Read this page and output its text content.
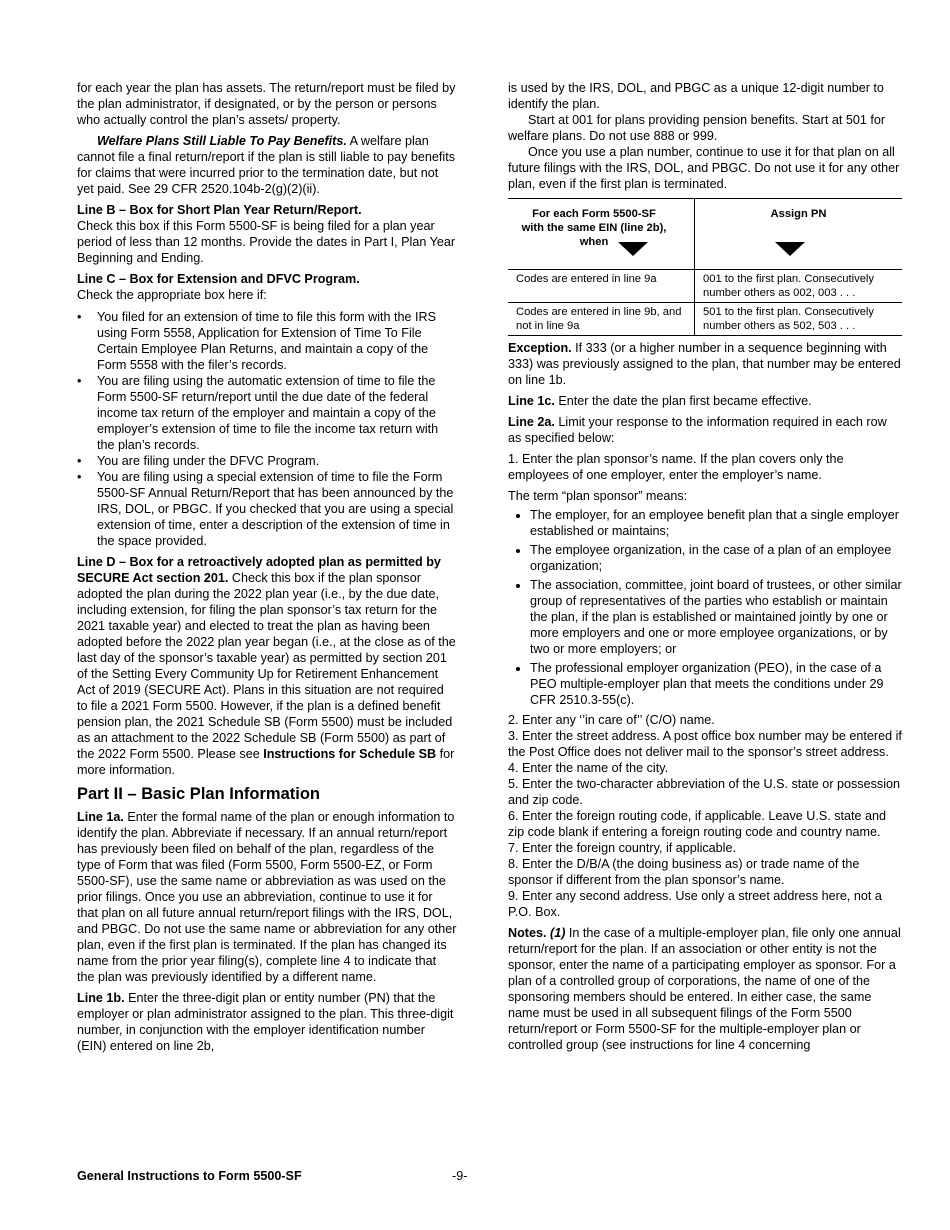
for each year the plan has assets. The return/report must be filed by the plan administrator, if designated, or by the person or persons who actually control the plan’s assets/ property.

Welfare Plans Still Liable To Pay Benefits. A welfare plan cannot file a final return/report if the plan is still liable to pay benefits for claims that were incurred prior to the termination date, but not yet paid. See 29 CFR 2520.104b-2(g)(2)(ii).

Line B – Box for Short Plan Year Return/Report.
Check this box if this Form 5500-SF is being filed for a plan year period of less than 12 months. Provide the dates in Part I, Plan Year Beginning and Ending.

Line C – Box for Extension and DFVC Program.
Check the appropriate box here if:

•	You filed for an extension of time to file this form with the IRS using Form 5558, Application for Extension of Time To File Certain Employee Plan Returns, and maintain a copy of the Form 5558 with the filer’s records.
•	You are filing using the automatic extension of time to file the Form 5500-SF return/report until the due date of the federal income tax return of the employer and maintain a copy of the employer’s extension of time to file the income tax return with the plan’s records.
•	You are filing under the DFVC Program.
•	You are filing using a special extension of time to file the Form 5500-SF Annual Return/Report that has been announced by the IRS, DOL, or PBGC. If you checked that you are using a special extension of time, enter a description of the extension of time in the space provided.

Line D – Box for a retroactively adopted plan as permitted by SECURE Act section 201. Check this box if the plan sponsor adopted the plan during the 2022 plan year (i.e., by the due date, including extension, for filing the plan sponsor’s tax return for the 2021 taxable year) and elected to treat the plan as having been adopted before the 2022 plan year began (i.e., at the close as of the last day of the sponsor’s taxable year) as permitted by section 201 of the Setting Every Community Up for Retirement Enhancement Act of 2019 (SECURE Act). Plans in this situation are not required to file a 2021 Form 5500. However, if the plan is a defined benefit pension plan, the 2021 Schedule SB (Form 5500) must be included as an attachment to the 2022 Schedule SB (Form 5500) as part of the 2022 Form 5500. Please see Instructions for Schedule SB for more information.

Part II – Basic Plan Information

Line 1a. Enter the formal name of the plan or enough information to identify the plan. Abbreviate if necessary. If an annual return/report has previously been filed on behalf of the plan, regardless of the type of Form that was filed (Form 5500, Form 5500-EZ, or Form 5500-SF), use the same name or abbreviation as was used on the prior filings. Once you use an abbreviation, continue to use it for that plan on all future annual return/report filings with the IRS, DOL, and PBGC. Do not use the same name or abbreviation for any other plan, even if the first plan is terminated. If the plan has changed its name from the prior year filing(s), complete line 4 to indicate that the plan was previously identified by a different name.

Line 1b. Enter the three-digit plan or entity number (PN) that the employer or plan administrator assigned to the plan. This three-digit number, in conjunction with the employer identification number (EIN) entered on line 2b,

is used by the IRS, DOL, and PBGC as a unique 12-digit number to identify the plan.

Start at 001 for plans providing pension benefits. Start at 501 for welfare plans. Do not use 888 or 999.

Once you use a plan number, continue to use it for that plan on all future filings with the IRS, DOL, and PBGC. Do not use it for any other plan, even if the first plan is terminated.

For each Form 5500-SF with the same EIN (line 2b), when	Assign PN

Codes are entered in line 9a	001 to the first plan. Consecutively number others as 002, 003 . . .
Codes are entered in line 9b, and not in line 9a	501 to the first plan. Consecutively number others as 502, 503 . . .

Exception. If 333 (or a higher number in a sequence beginning with 333) was previously assigned to the plan, that number may be entered on line 1b.

Line 1c. Enter the date the plan first became effective.

Line 2a. Limit your response to the information required in each row as specified below:

1. Enter the plan sponsor’s name. If the plan covers only the employees of one employer, enter the employer’s name.

The term “plan sponsor” means:

• The employer, for an employee benefit plan that a single employer established or maintains;
• The employee organization, in the case of a plan of an employee organization;
• The association, committee, joint board of trustees, or other similar group of representatives of the parties who establish or maintain the plan, if the plan is established or maintained jointly by one or more employers and one or more employee organizations, or by two or more employers; or
• The professional employer organization (PEO), in the case of a PEO multiple-employer plan that meets the conditions under 29 CFR 2510.3-55(c).
2. Enter any ‘’in care of’’ (C/O) name.
3. Enter the street address. A post office box number may be entered if the Post Office does not deliver mail to the sponsor’s street address.
4. Enter the name of the city.
5. Enter the two-character abbreviation of the U.S. state or possession and zip code.
6. Enter the foreign routing code, if applicable. Leave U.S. state and zip code blank if entering a foreign routing code and country name.
7. Enter the foreign country, if applicable.
8. Enter the D/B/A (the doing business as) or trade name of the sponsor if different from the plan sponsor’s name.
9. Enter any second address. Use only a street address here, not a P.O. Box.

Notes. (1) In the case of a multiple-employer plan, file only one annual return/report for the plan. If an association or other entity is not the sponsor, enter the name of a participating employer as sponsor. For a plan of a controlled group of corporations, the name of one of the sponsoring members should be entered. In either case, the same name must be used in all subsequent filings of the Form 5500 return/report or Form 5500-SF for the multiple-employer plan or controlled group (see instructions for line 4 concerning

General Instructions to Form 5500-SF	-9-
